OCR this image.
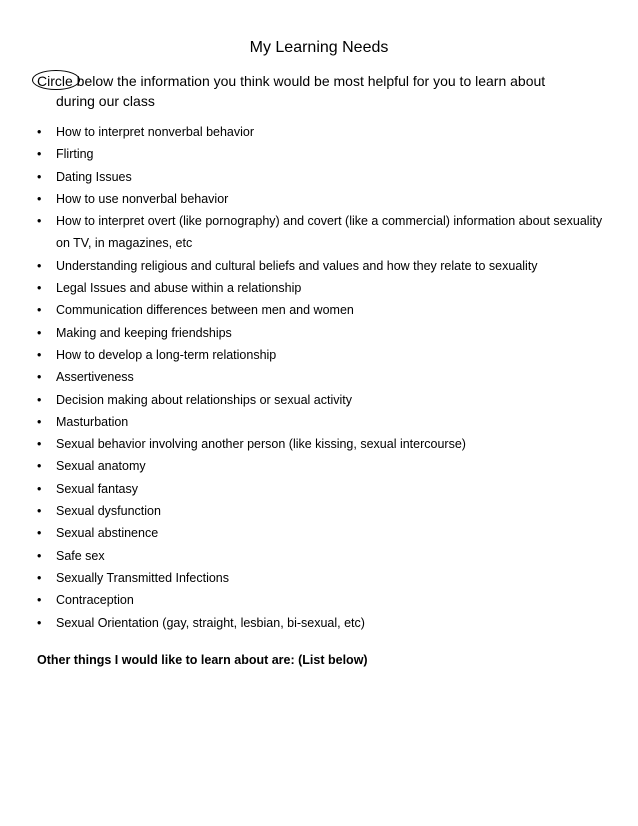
My Learning Needs
Circle below the information you think would be most helpful for you to learn about
during our class
• How to interpret nonverbal behavior
• Flirting
• Dating Issues
• How to use nonverbal behavior
• How to interpret overt (like pornography) and covert (like a commercial) information about sexuality on TV, in magazines, etc
• Understanding religious and cultural beliefs and values and how they relate to sexuality
• Legal Issues and abuse within a relationship
• Communication differences between men and women
• Making and keeping friendships
• How to develop a long-term relationship
• Assertiveness
• Decision making about relationships or sexual activity
• Masturbation
• Sexual behavior involving another person (like kissing, sexual intercourse)
• Sexual anatomy
• Sexual fantasy
• Sexual dysfunction
• Sexual abstinence
• Safe sex
• Sexually Transmitted Infections
• Contraception
• Sexual Orientation (gay, straight, lesbian, bi-sexual, etc)
Other things I would like to learn about are: (List below)
